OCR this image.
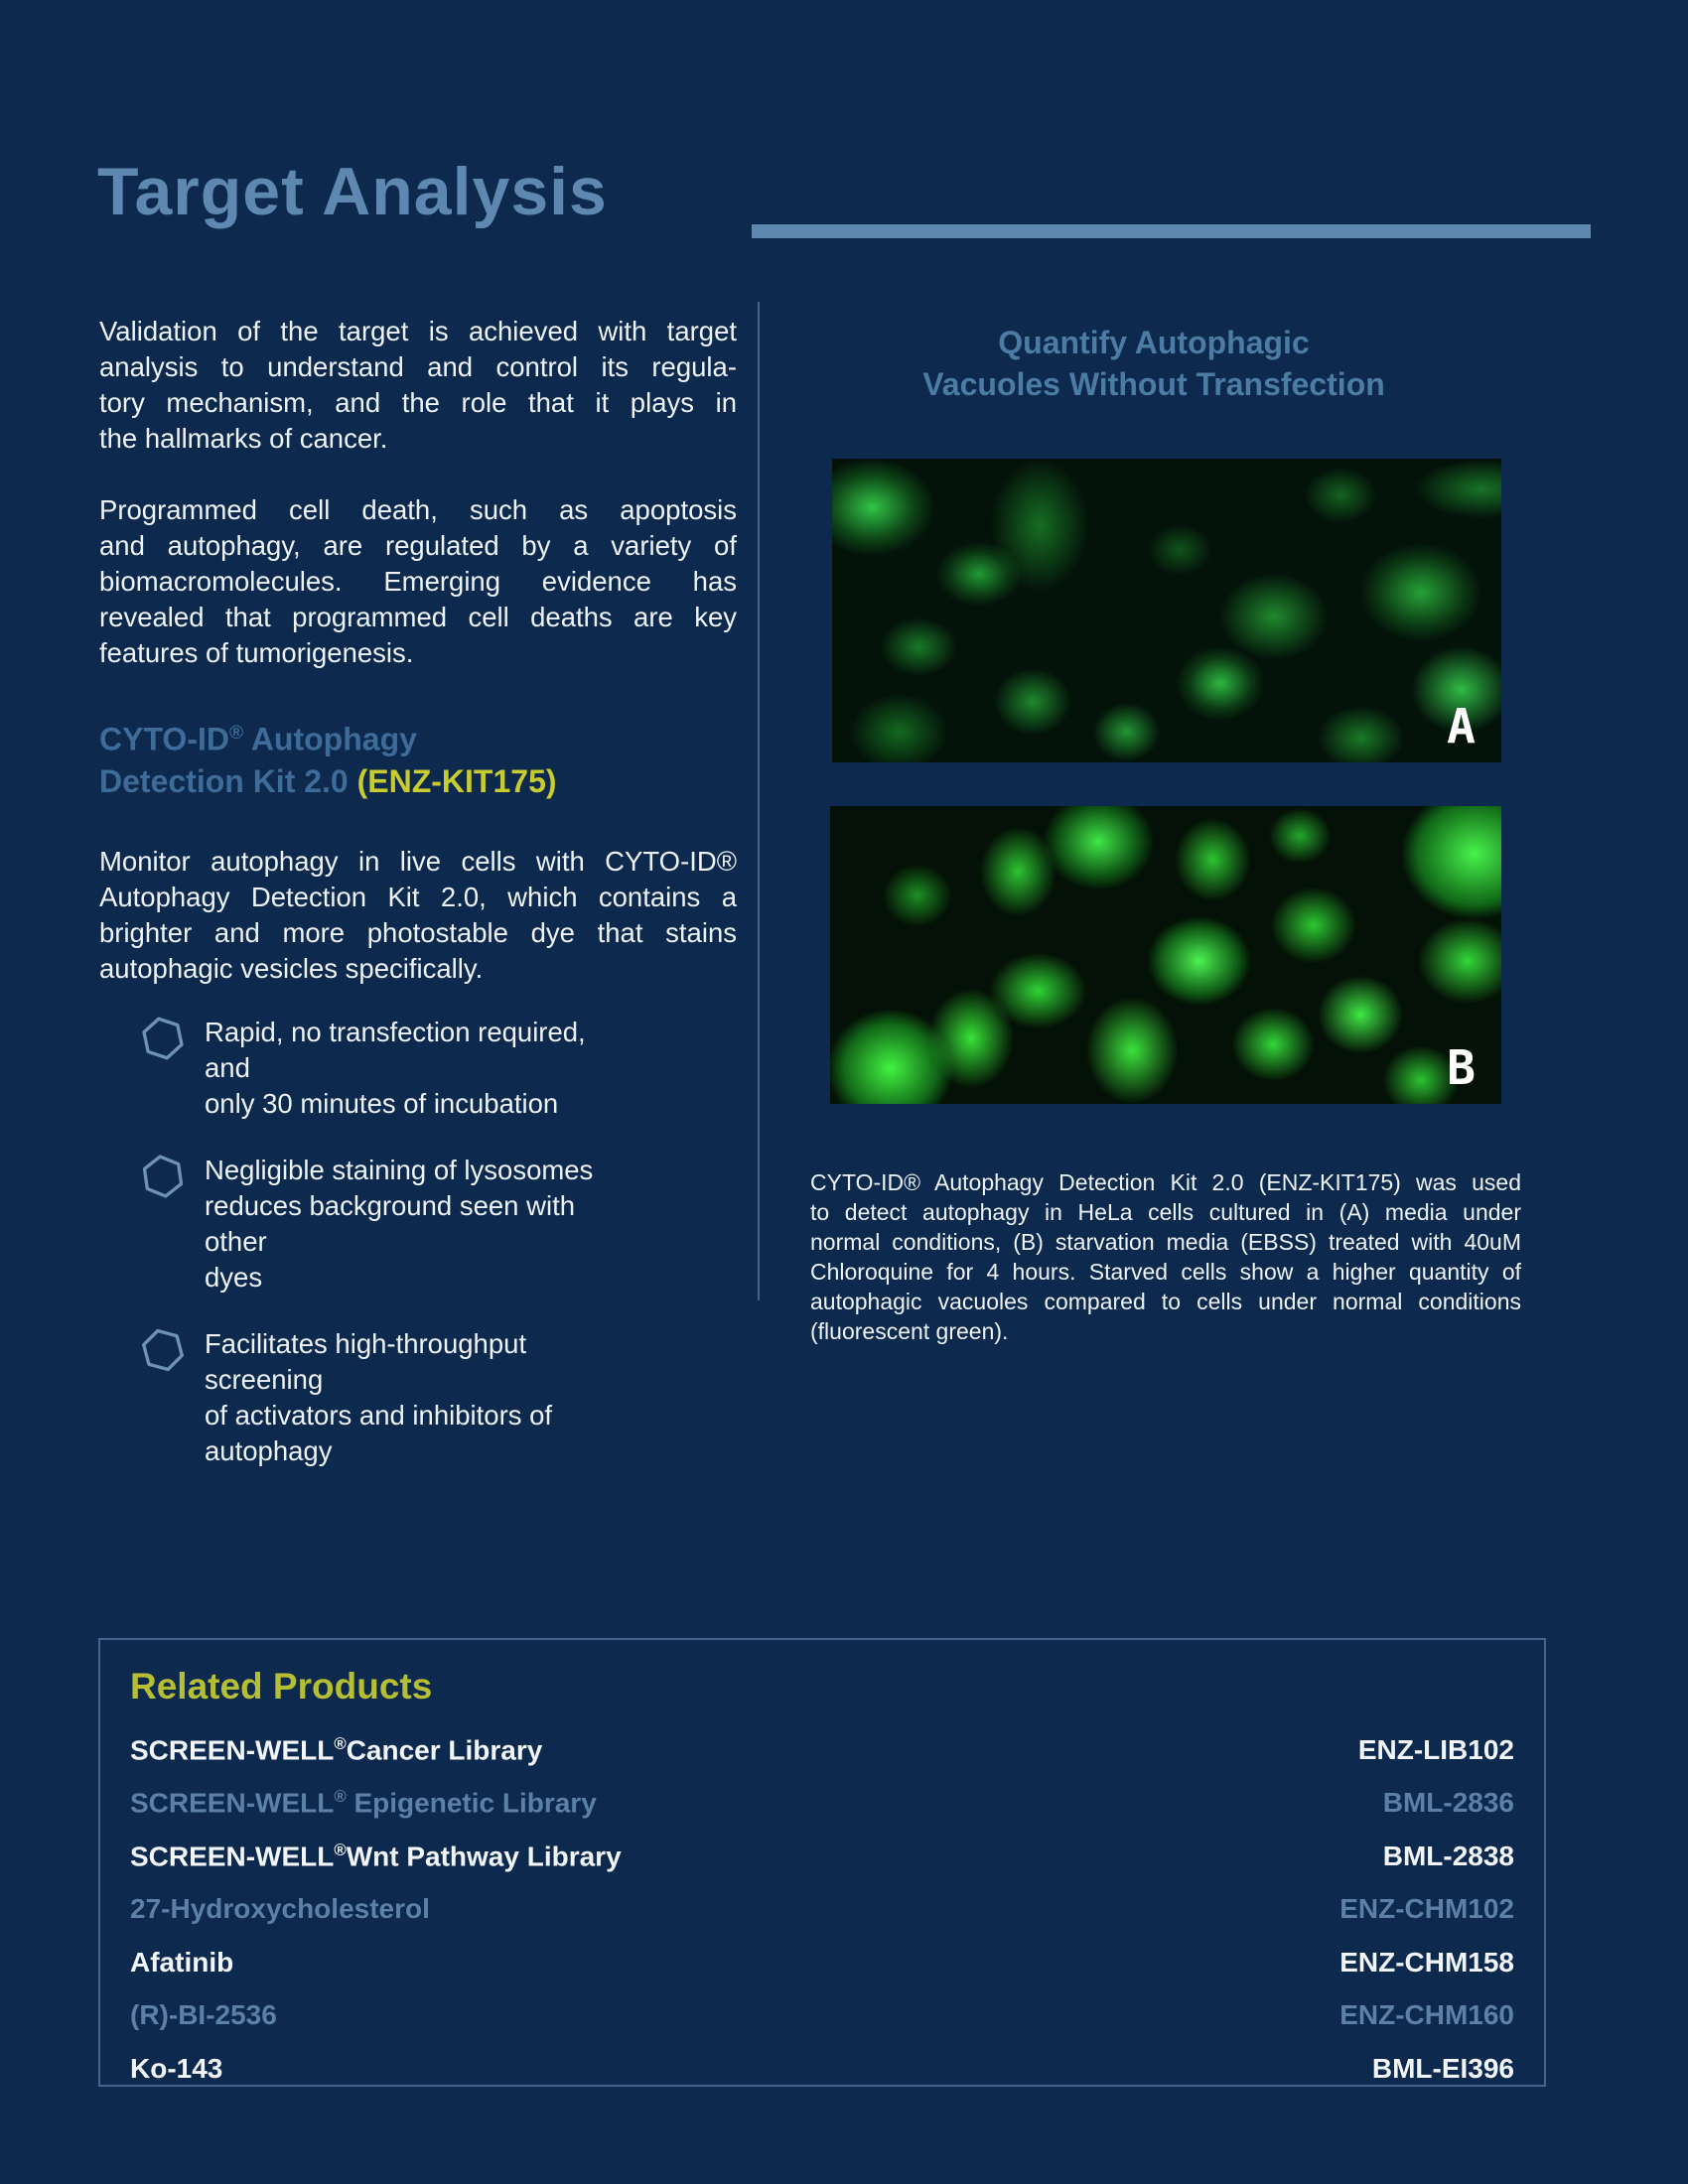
Target Analysis
Validation of the target is achieved with target
analysis to understand and control its regula-
tory mechanism, and the role that it plays in
the hallmarks of cancer.
Programmed cell death, such as apoptosis
and autophagy, are regulated by a variety of
biomacromolecules. Emerging evidence has
revealed that programmed cell deaths are key
features of tumorigenesis.
CYTO-ID® Autophagy
Detection Kit 2.0 (ENZ-KIT175)
Monitor autophagy in live cells with CYTO-ID®
Autophagy Detection Kit 2.0, which contains a
brighter and more photostable dye that stains
autophagic vesicles specifically.
Rapid, no transfection required, and
only 30 minutes of incubation
Negligible staining of lysosomes
reduces background seen with other
dyes
Facilitates high-throughput screening
of activators and inhibitors of autophagy
Quantify Autophagic
Vacuoles Without Transfection
A
B
CYTO-ID® Autophagy Detection Kit 2.0 (ENZ-KIT175) was used
to detect autophagy in HeLa cells cultured in (A) media under
normal conditions, (B) starvation media (EBSS) treated with 40uM
Chloroquine for 4 hours. Starved cells show a higher quantity of
autophagic vacuoles compared to cells under normal conditions
(fluorescent green).
Related Products
SCREEN-WELL®Cancer Library	ENZ-LIB102
SCREEN-WELL® Epigenetic Library	BML-2836
SCREEN-WELL®Wnt Pathway Library	BML-2838
27-Hydroxycholesterol	ENZ-CHM102
Afatinib	ENZ-CHM158
(R)-BI-2536	ENZ-CHM160
Ko-143	BML-EI396
